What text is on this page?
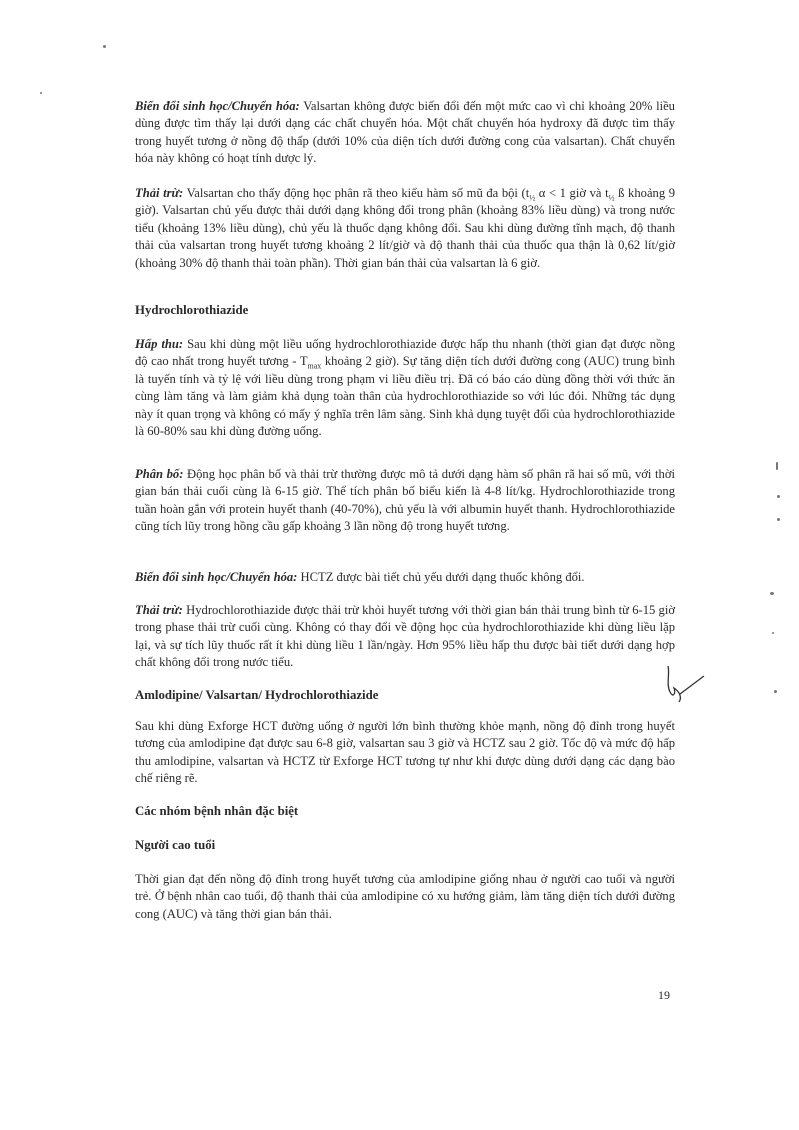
Biến đổi sinh học/Chuyển hóa: Valsartan không được biến đổi đến một mức cao vì chỉ khoảng 20% liều dùng được tìm thấy lại dưới dạng các chất chuyển hóa. Một chất chuyển hóa hydroxy đã được tìm thấy trong huyết tương ở nồng độ thấp (dưới 10% của diện tích dưới đường cong của valsartan). Chất chuyển hóa này không có hoạt tính dược lý.

Thải trừ: Valsartan cho thấy động học phân rã theo kiểu hàm số mũ đa bội ($t_{\frac{1}{2}}$ α < 1 giờ và $t_{\frac{1}{2}}$ ß khoảng 9 giờ). Valsartan chủ yếu được thải dưới dạng không đổi trong phân (khoảng 83% liều dùng) và trong nước tiểu (khoảng 13% liều dùng), chủ yếu là thuốc dạng không đổi. Sau khi dùng đường tĩnh mạch, độ thanh thải của valsartan trong huyết tương khoảng 2 lít/giờ và độ thanh thải của thuốc qua thận là 0,62 lít/giờ (khoảng 30% độ thanh thải toàn phần). Thời gian bán thải của valsartan là 6 giờ.

Hydrochlorothiazide

Hấp thu: Sau khi dùng một liều uống hydrochlorothiazide được hấp thu nhanh (thời gian đạt được nồng độ cao nhất trong huyết tương - $T_{max}$ khoảng 2 giờ). Sự tăng diện tích dưới đường cong (AUC) trung bình là tuyến tính và tỷ lệ với liều dùng trong phạm vi liều điều trị. Đã có báo cáo dùng đồng thời với thức ăn cùng làm tăng và làm giảm khả dụng toàn thân của hydrochlorothiazide so với lúc đói. Những tác dụng này ít quan trọng và không có mấy ý nghĩa trên lâm sàng. Sinh khả dụng tuyệt đối của hydrochlorothiazide là 60-80% sau khi dùng đường uống.

Phân bố: Động học phân bố và thải trừ thường được mô tả dưới dạng hàm số phân rã hai số mũ, với thời gian bán thải cuối cùng là 6-15 giờ. Thể tích phân bố biểu kiến là 4-8 lít/kg. Hydrochlorothiazide trong tuần hoàn gắn với protein huyết thanh (40-70%), chủ yếu là với albumin huyết thanh. Hydrochlorothiazide cũng tích lũy trong hồng cầu gấp khoảng 3 lần nồng độ trong huyết tương.

Biến đổi sinh học/Chuyển hóa: HCTZ được bài tiết chủ yếu dưới dạng thuốc không đổi.

Thải trừ: Hydrochlorothiazide được thải trừ khỏi huyết tương với thời gian bán thải trung bình từ 6-15 giờ trong phase thải trừ cuối cùng. Không có thay đổi về động học của hydrochlorothiazide khi dùng liều lặp lại, và sự tích lũy thuốc rất ít khi dùng liều 1 lần/ngày. Hơn 95% liều hấp thu được bài tiết dưới dạng hợp chất không đổi trong nước tiểu.

Amlodipine/ Valsartan/ Hydrochlorothiazide

Sau khi dùng Exforge HCT đường uống ở người lớn bình thường khỏe mạnh, nồng độ đỉnh trong huyết tương của amlodipine đạt được sau 6-8 giờ, valsartan sau 3 giờ và HCTZ sau 2 giờ. Tốc độ và mức độ hấp thu amlodipine, valsartan và HCTZ từ Exforge HCT tương tự như khi được dùng dưới dạng các dạng bào chế riêng rẽ.

Các nhóm bệnh nhân đặc biệt
Người cao tuổi

Thời gian đạt đến nồng độ đỉnh trong huyết tương của amlodipine giống nhau ở người cao tuổi và người trẻ. Ở bệnh nhân cao tuổi, độ thanh thải của amlodipine có xu hướng giảm, làm tăng diện tích dưới đường cong (AUC) và tăng thời gian bán thải.

19
